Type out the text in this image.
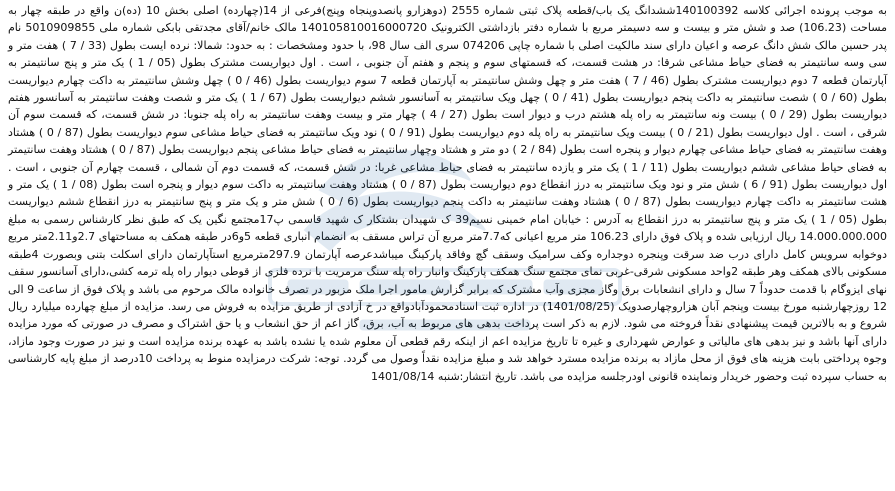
به موجب پرونده اجرائی کلاسه 140100392ششدانگ یک باب/قطعه پلاک ثبتی شماره 2555 (دوهزارو پانصدوپنجاه وپنج)فرعی از 14(چهارده) اصلی بخش 10 (ده)ن واقع در طبقه چهار به مساحت (106.23) صد و شش متر و بیست و سه دسیمتر مربع با شماره دفتر بازداشتی الکترونیک 140105810016000720 مالک خانم/آقای مجدتقی بابکی شماره ملی 5010909855 نام پدر حسین مالک شش دانگ عرصه و اعیان دارای سند مالکیت اصلی با شماره چاپی 074206 سری الف سال 98، با حدود ومشخصات : به حدود: شمالا: نرده ایست بطول (33 / 7 ) هفت متر و سی وسه سانتیمتر به فضای حیاط مشاعی شرقا: در هشت قسمت، که قسمتهای سوم و پنجم و هفتم آن جنوبی ، است . اول دیواریست مشترک بطول (05 / 1 ) یک متر و پنج سانتیمتر به آپارتمان قطعه 7 دوم دیواریست مشترک بطول (46 / 7 ) هفت متر و چهل وشش سانتیمتر به آپارتمان قطعه 7 سوم دیواریست بطول (46 / 0 ) چهل وشش سانتیمتر به داکت چهارم دیواریست بطول (60 / 0 ) شصت سانتیمتر به داکت پنجم دیواریست بطول (41 / 0 ) چهل ویک سانتیمتر به آسانسور ششم دیواریست بطول (67 / 1 ) یک متر و شصت وهفت سانتیمتر به آسانسور هفتم دیواریست بطول (29 / 0 ) بیست ونه سانتیمتر به راه پله هشتم درب و دیوار است بطول (27 / 4 ) چهار متر و بیست وهفت سانتیمتر به راه پله جنوبا: در شش قسمت، که قسمت سوم آن شرقی ، است . اول دیواریست بطول (21 / 0 ) بیست ویک سانتیمتر به راه پله دوم دیواریست بطول (91 / 0 ) نود ویک سانتیمتر به فضای حیاط مشاعی سوم دیواریست بطول (87 / 0 ) هشتاد وهفت سانتیمتر به فضای حیاط مشاعی چهارم دیوار و پنجره است بطول (84 / 2 ) دو متر و هشتاد وچهار سانتیمتر به فضای حیاط مشاعی پنجم دیواریست بطول (87 / 0 ) هشتاد وهفت سانتیمتر به فضای حیاط مشاعی ششم دیواریست بطول (11 / 1 ) یک متر و یازده سانتیمتر به فضای حیاط مشاعی غربا: در شش قسمت، که قسمت دوم آن شمالی ، قسمت چهارم آن جنوبی ، است . اول دیواریست بطول (91 / 6 ) شش متر و نود ویک سانتیمتر به درز انقطاع دوم دیواریست بطول (87 / 0 ) هشتاد وهفت سانتیمتر به داکت سوم دیوار و پنجره است بطول (08 / 1 ) یک متر و هشت سانتیمتر به داکت چهارم دیواریست بطول (87 / 0 ) هشتاد وهفت سانتیمتر به داکت پنجم دیواریست بطول (6 / 0 ) شش متر و یک متر و پنج سانتیمتر به درز انقطاع ششم دیواریست بطول (05 / 1 ) یک متر و پنج سانتیمتر به درز انقطاع به آدرس : خیابان امام خمینی نسیم39 ک شهیدان بشتکار ک شهید قاسمی پ17مجتمع نگین یک که طبق نظر کارشناس رسمی به مبلغ 14.000.000.000 ریال ارزیابی شده و پلاک فوق دارای 106.23 متر مربع اعیانی که7.7متر مربع آن تراس مسقف به انضمام انباری قطعه 5و6در طبقه همکف به مساحتهای 2.7و2.11متر مربع دوخوابه سرویس کامل دارای درب ضد سرقت وپنجره دوجداره وکف سرامیک وسقف گچ وفاقد پارکینگ میباشدعرصه آپارتمان 297.9مترمربع استآپارتمان دارای اسکلت بتنی وبصورت 4طبقه مسکونی بالای همکف وهر طبقه 2واحد مسکونی شرقی-غربی نمای مجتمع سنگ همکف پارکینگ وانبار راه پله سنگ مرمریت با نرده فلزی از قوطی دیوار راه پله ترمه کشی،دارای آسانسور سقف نهای ایزوگام با قدمت حدوداً 7 سال و دارای انشعابات برق وگاز مجزی وآب مشترک که برابر گزارش مامور اجرا ملک مزبور در تصرف خانواده مالک مرحوم می باشد و پلاک فوق از ساعت 9 الی 12 روزچهارشنبه مورخ بیست وپنجم آبان هزاروچهارصدویک (1401/08/25) در اداره ثبت اسنادمحمودآبادواقع در خ آزادی از طریق مزایده به فروش می رسد. مزایده از مبلغ چهارده میلیارد ریال شروع و به بالاترین قیمت پیشنهادی نقداً فروخته می شود. لازم به ذکر است پرداخت بدهی های مربوط به آب، برق، گاز اعم از حق انشعاب و یا حق اشتراک و مصرف در صورتی که مورد مزایده دارای آنها باشد و نیز بدهی های مالیاتی و عوارض شهرداری و غیره تا تاریخ مزایده اعم از اینکه رقم قطعی آن معلوم شده یا نشده باشد به عهده برنده مزایده است و نیز در صورت وجود مازاد، وجوه پرداختی بابت هزینه های فوق از محل مازاد به برنده مزایده مسترد خواهد شد و مبلغ مزایده نقداً وصول می گردد. توجه: شرکت درمزایده منوط به پرداخت 10درصد از مبلغ پایه کارشناسی به حساب سپرده ثبت وحضور خریدار ونماینده قانونی اودرجلسه مزایده می باشد. تاریخ انتشار:شنبه 1401/08/14
